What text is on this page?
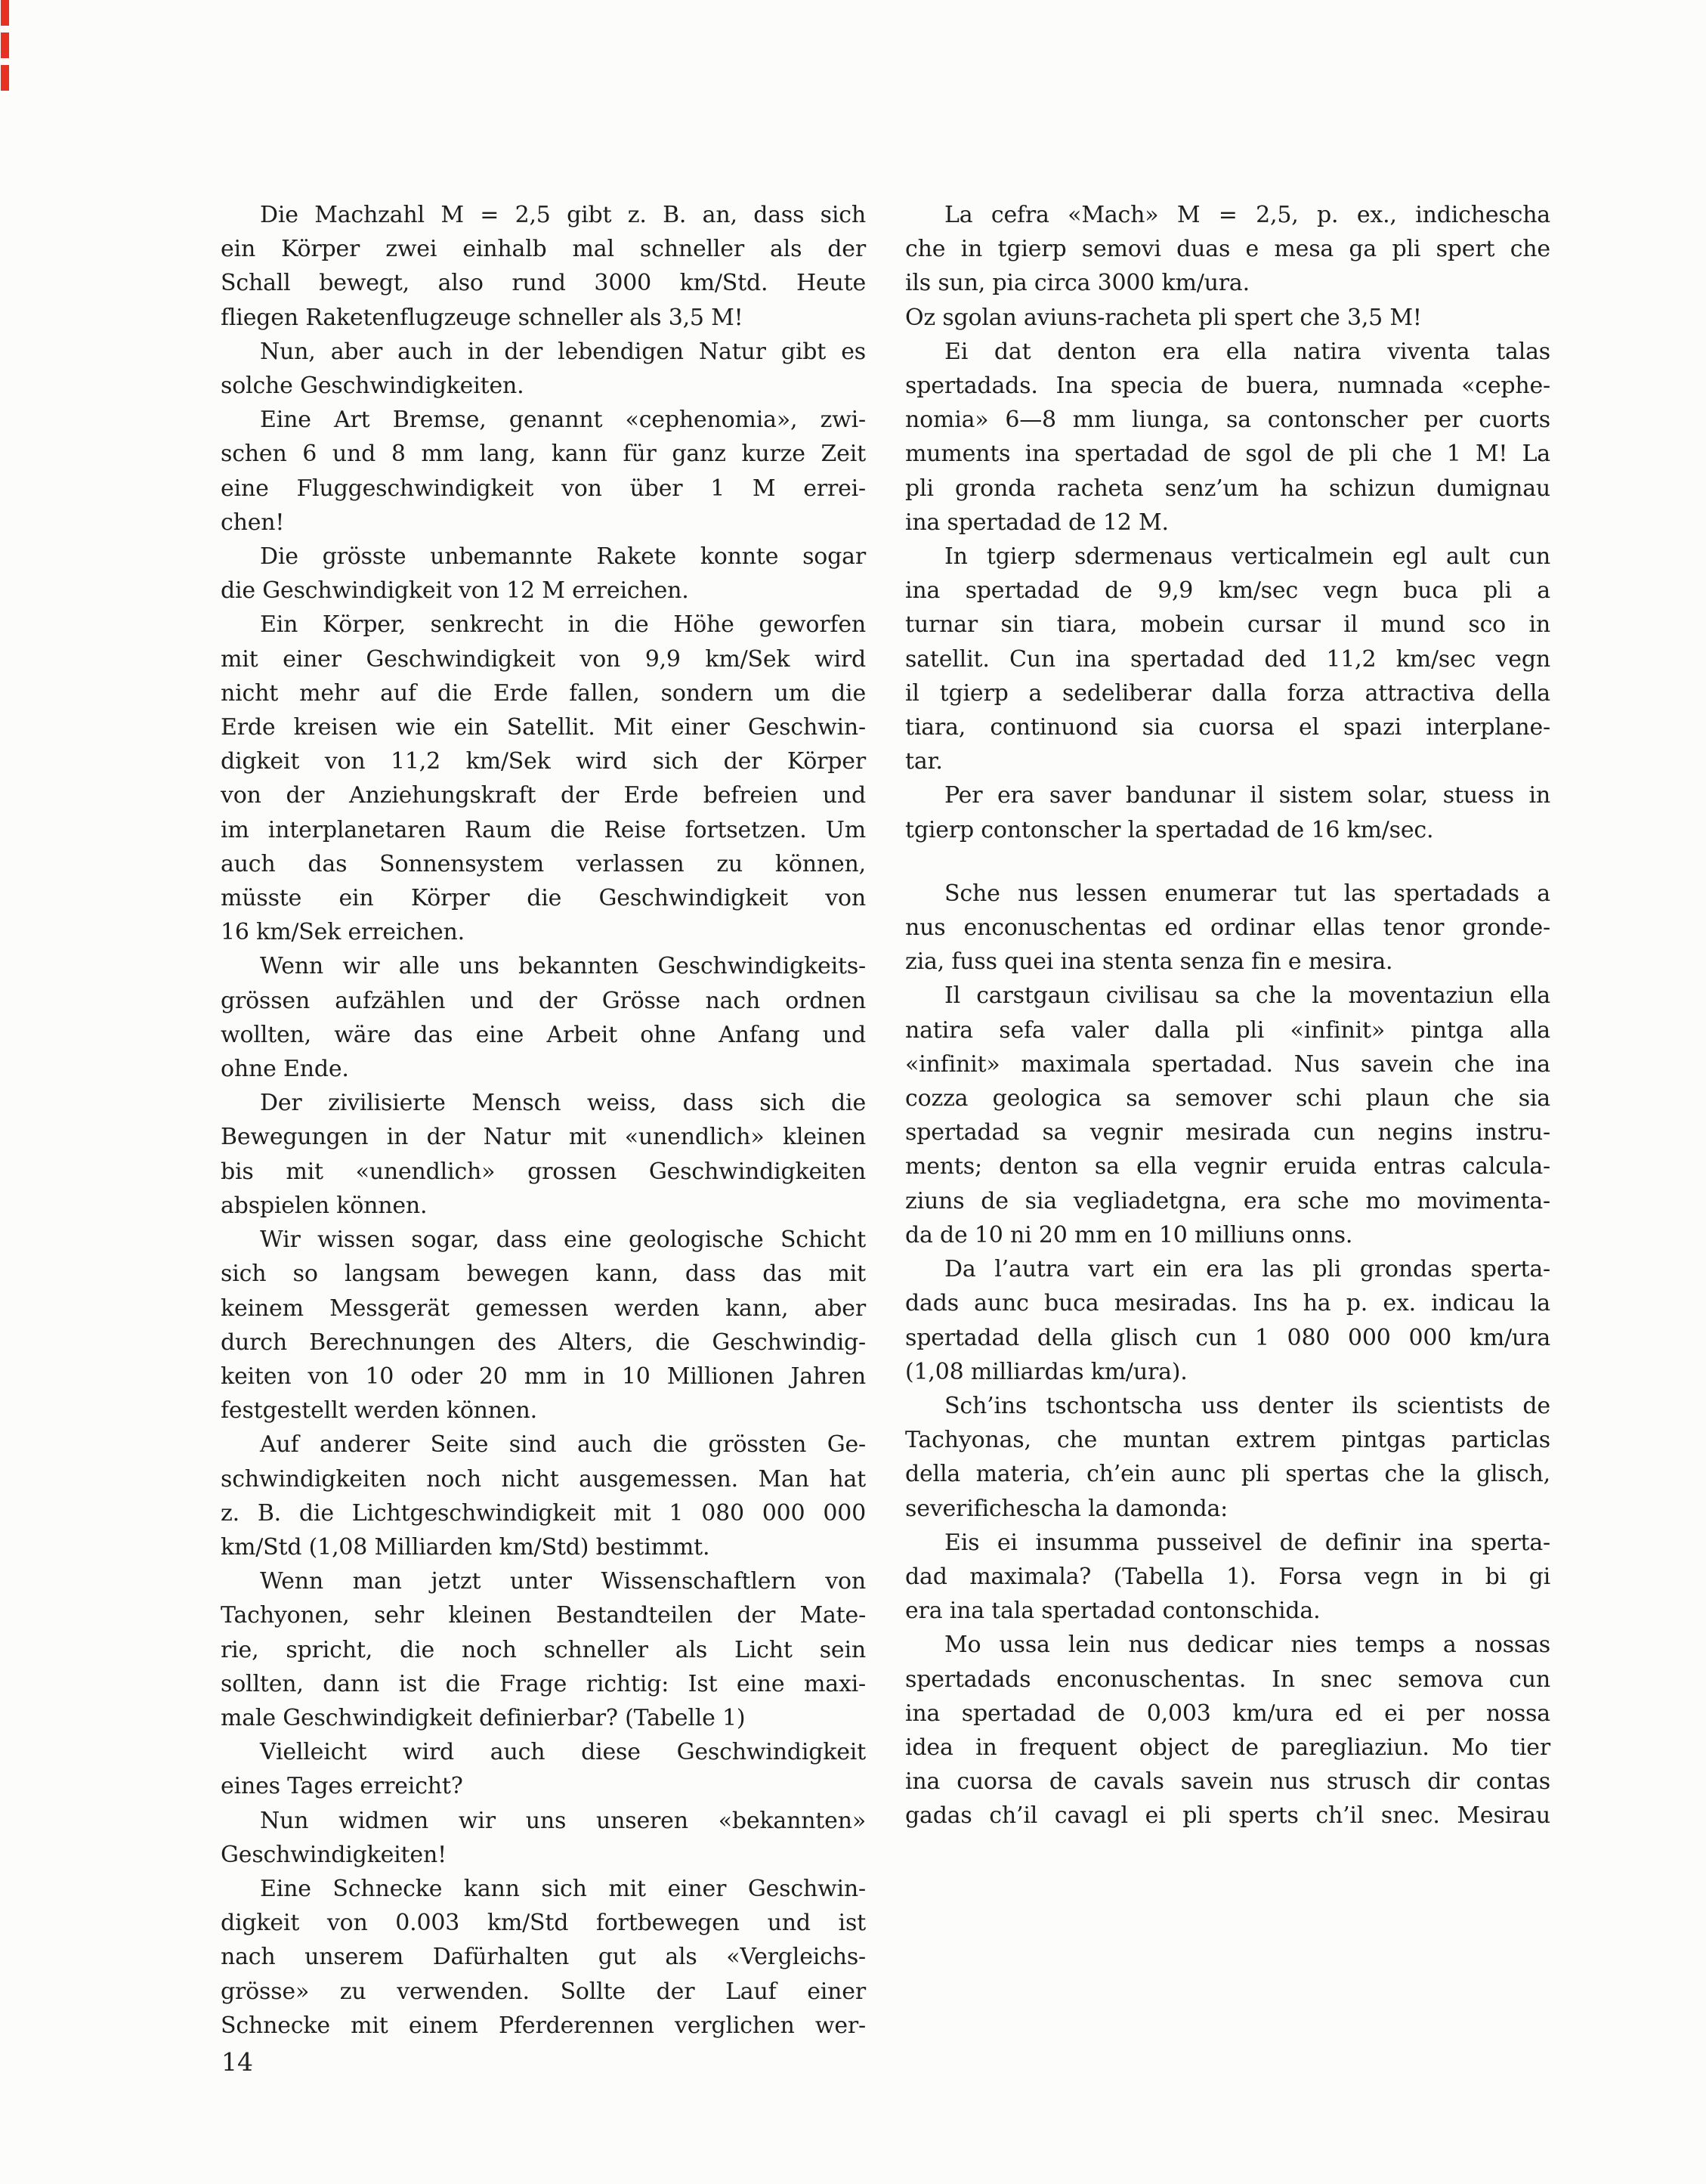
Die Machzahl M = 2,5 gibt z. B. an, dass sich
ein Körper zwei einhalb mal schneller als der
Schall bewegt, also rund 3000 km/Std. Heute
fliegen Raketenflugzeuge schneller als 3,5 M!
Nun, aber auch in der lebendigen Natur gibt es
solche Geschwindigkeiten.
Eine Art Bremse, genannt «cephenomia», zwi-
schen 6 und 8 mm lang, kann für ganz kurze Zeit
eine Fluggeschwindigkeit von über 1 M errei-
chen!
Die grösste unbemannte Rakete konnte sogar
die Geschwindigkeit von 12 M erreichen.
Ein Körper, senkrecht in die Höhe geworfen
mit einer Geschwindigkeit von 9,9 km/Sek wird
nicht mehr auf die Erde fallen, sondern um die
Erde kreisen wie ein Satellit. Mit einer Geschwin-
digkeit von 11,2 km/Sek wird sich der Körper
von der Anziehungskraft der Erde befreien und
im interplanetaren Raum die Reise fortsetzen. Um
auch das Sonnensystem verlassen zu können,
müsste ein Körper die Geschwindigkeit von
16 km/Sek erreichen.
Wenn wir alle uns bekannten Geschwindigkeits-
grössen aufzählen und der Grösse nach ordnen
wollten, wäre das eine Arbeit ohne Anfang und
ohne Ende.
Der zivilisierte Mensch weiss, dass sich die
Bewegungen in der Natur mit «unendlich» kleinen
bis mit «unendlich» grossen Geschwindigkeiten
abspielen können.
Wir wissen sogar, dass eine geologische Schicht
sich so langsam bewegen kann, dass das mit
keinem Messgerät gemessen werden kann, aber
durch Berechnungen des Alters, die Geschwindig-
keiten von 10 oder 20 mm in 10 Millionen Jahren
festgestellt werden können.
Auf anderer Seite sind auch die grössten Ge-
schwindigkeiten noch nicht ausgemessen. Man hat
z. B. die Lichtgeschwindigkeit mit 1 080 000 000
km/Std (1,08 Milliarden km/Std) bestimmt.
Wenn man jetzt unter Wissenschaftlern von
Tachyonen, sehr kleinen Bestandteilen der Mate-
rie, spricht, die noch schneller als Licht sein
sollten, dann ist die Frage richtig: Ist eine maxi-
male Geschwindigkeit definierbar? (Tabelle 1)
Vielleicht wird auch diese Geschwindigkeit
eines Tages erreicht?
Nun widmen wir uns unseren «bekannten»
Geschwindigkeiten!
Eine Schnecke kann sich mit einer Geschwin-
digkeit von 0.003 km/Std fortbewegen und ist
nach unserem Dafürhalten gut als «Vergleichs-
grösse» zu verwenden. Sollte der Lauf einer
Schnecke mit einem Pferderennen verglichen wer-
La cefra «Mach» M = 2,5, p. ex., indichescha
che in tgierp semovi duas e mesa ga pli spert che
ils sun, pia circa 3000 km/ura.
Oz sgolan aviuns-racheta pli spert che 3,5 M!
Ei dat denton era ella natira viventa talas
spertadads. Ina specia de buera, numnada «cephe-
nomia» 6—8 mm liunga, sa contonscher per cuorts
muments ina spertadad de sgol de pli che 1 M! La
pli gronda racheta senz’um ha schizun dumignau
ina spertadad de 12 M.
In tgierp sdermenaus verticalmein egl ault cun
ina spertadad de 9,9 km/sec vegn buca pli a
turnar sin tiara, mobein cursar il mund sco in
satellit. Cun ina spertadad ded 11,2 km/sec vegn
il tgierp a sedeliberar dalla forza attractiva della
tiara, continuond sia cuorsa el spazi interplane-
tar.
Per era saver bandunar il sistem solar, stuess in
tgierp contonscher la spertadad de 16 km/sec.
Sche nus lessen enumerar tut las spertadads a
nus enconuschentas ed ordinar ellas tenor gronde-
zia, fuss quei ina stenta senza fin e mesira.
Il carstgaun civilisau sa che la moventaziun ella
natira sefa valer dalla pli «infinit» pintga alla
«infinit» maximala spertadad. Nus savein che ina
cozza geologica sa semover schi plaun che sia
spertadad sa vegnir mesirada cun negins instru-
ments; denton sa ella vegnir eruida entras calcula-
ziuns de sia vegliadetgna, era sche mo movimenta-
da de 10 ni 20 mm en 10 milliuns onns.
Da l’autra vart ein era las pli grondas sperta-
dads aunc buca mesiradas. Ins ha p. ex. indicau la
spertadad della glisch cun 1 080 000 000 km/ura
(1,08 milliardas km/ura).
Sch’ins tschontscha uss denter ils scientists de
Tachyonas, che muntan extrem pintgas particlas
della materia, ch’ein aunc pli spertas che la glisch,
severifichescha la damonda:
Eis ei insumma pusseivel de definir ina sperta-
dad maximala? (Tabella 1). Forsa vegn in bi gi
era ina tala spertadad contonschida.
Mo ussa lein nus dedicar nies temps a nossas
spertadads enconuschentas. In snec semova cun
ina spertadad de 0,003 km/ura ed ei per nossa
idea in frequent object de paregliaziun. Mo tier
ina cuorsa de cavals savein nus strusch dir contas
gadas ch’il cavagl ei pli sperts ch’il snec. Mesirau
14
